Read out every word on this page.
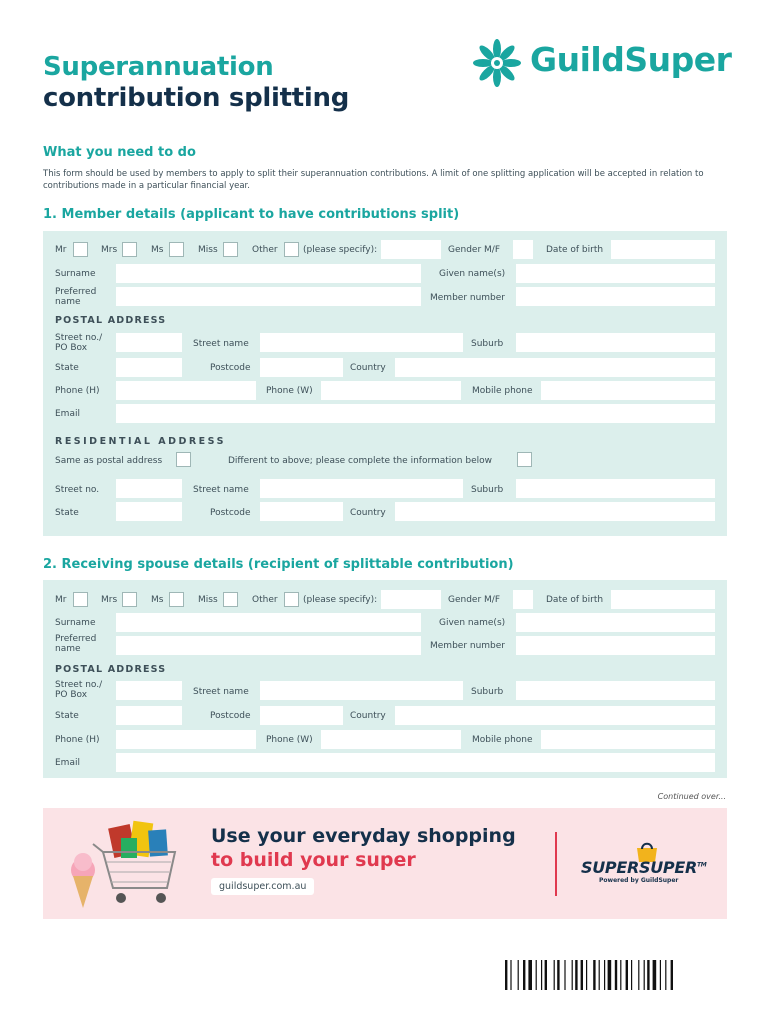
Superannuation
contribution splitting
GuildSuper
What you need to do
This form should be used by members to apply to split their superannuation contributions. A limit of one splitting application will be accepted in relation to contributions made in a particular financial year.
1. Member details (applicant to have contributions split)
Mr	Mrs	Ms	Miss	Other	(please specify):	Gender M/F	Date of birth
Surname	Given name(s)
Preferred name	Member number
POSTAL ADDRESS
Street no./ PO Box	Street name	Suburb
State	Postcode	Country
Phone (H)	Phone (W)	Mobile phone
Email
RESIDENTIAL ADDRESS
Same as postal address	Different to above; please complete the information below
Street no.	Street name	Suburb
State	Postcode	Country
2. Receiving spouse details (recipient of splittable contribution)
Mr	Mrs	Ms	Miss	Other	(please specify):	Gender M/F	Date of birth
Surname	Given name(s)
Preferred name	Member number
POSTAL ADDRESS
Street no./ PO Box	Street name	Suburb
State	Postcode	Country
Phone (H)	Phone (W)	Mobile phone
Email
Continued over...
Use your everyday shopping
to build your super
guildsuper.com.au
SUPERSUPER™
Powered by GuildSuper
